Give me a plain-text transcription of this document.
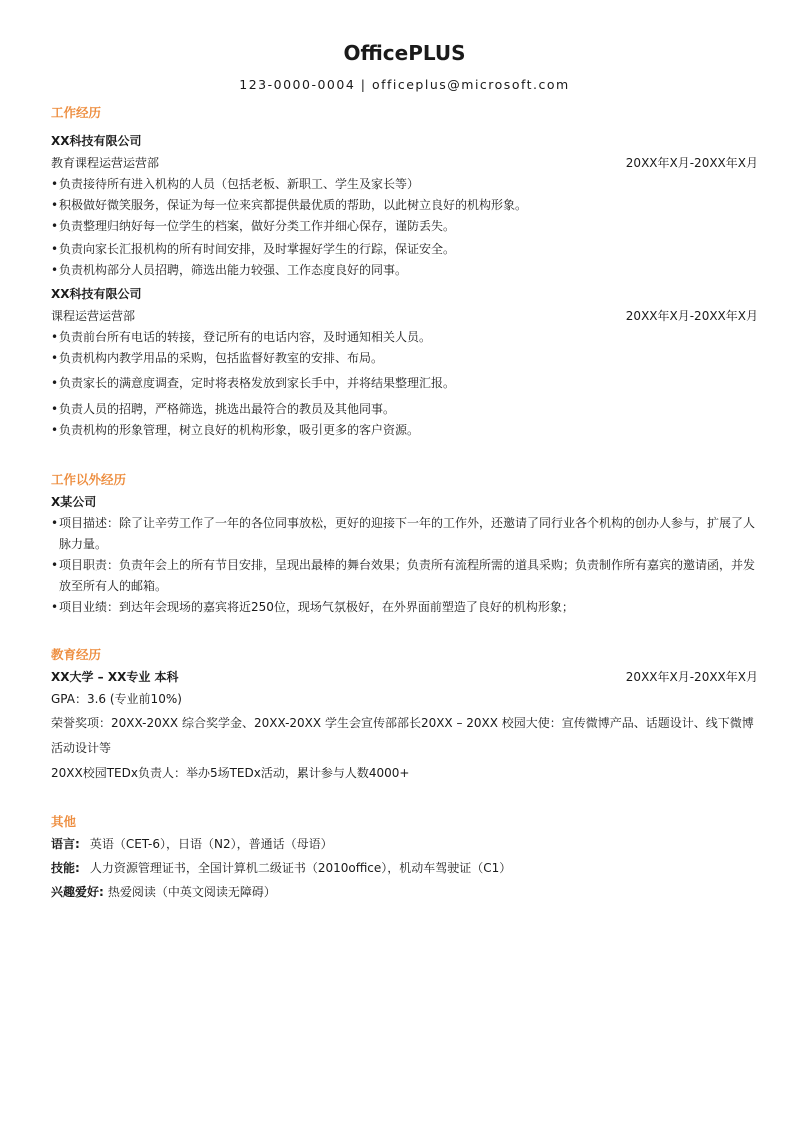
OfficePLUS
123-0000-0004 | officeplus@microsoft.com
工作经历
XX科技有限公司
教育课程运营运营部	20XX年X月-20XX年X月
• 负责接待所有进入机构的人员（包括老板、新职工、学生及家长等）
• 积极做好微笑服务，保证为每一位来宾都提供最优质的帮助，以此树立良好的机构形象。
• 负责整理归纳好每一位学生的档案，做好分类工作并细心保存，谨防丢失。
• 负责向家长汇报机构的所有时间安排，及时掌握好学生的行踪，保证安全。
• 负责机构部分人员招聘，筛选出能力较强、工作态度良好的同事。
XX科技有限公司
课程运营运营部	20XX年X月-20XX年X月
• 负责前台所有电话的转接，登记所有的电话内容，及时通知相关人员。
• 负责机构内教学用品的采购，包括监督好教室的安排、布局。
• 负责家长的满意度调查，定时将表格发放到家长手中，并将结果整理汇报。
• 负责人员的招聘，严格筛选，挑选出最符合的教员及其他同事。
• 负责机构的形象管理，树立良好的机构形象，吸引更多的客户资源。
工作以外经历
X某公司
• 项目描述：除了让辛劳工作了一年的各位同事放松，更好的迎接下一年的工作外，还邀请了同行业各个机构的创办人参与，扩展了人脉力量。
• 项目职责：负责年会上的所有节目安排，呈现出最棒的舞台效果；负责所有流程所需的道具采购；负责制作所有嘉宾的邀请函，并发放至所有人的邮箱。
• 项目业绩：到达年会现场的嘉宾将近250位，现场气氛极好，在外界面前塑造了良好的机构形象；
教育经历
XX大学 – XX专业 本科	20XX年X月-20XX年X月
GPA：3.6 (专业前10%)
荣誉奖项：20XX-20XX 综合奖学金、20XX-20XX 学生会宣传部部长20XX – 20XX 校园大使：宣传微博产品、话题设计、线下微博活动设计等
20XX校园TEDx负责人：举办5场TEDx活动，累计参与人数4000+
其他
语言: 英语（CET-6），日语（N2），普通话（母语）
技能: 人力资源管理证书，全国计算机二级证书（2010office），机动车驾驶证（C1）
兴趣爱好: 热爱阅读（中英文阅读无障碍）
